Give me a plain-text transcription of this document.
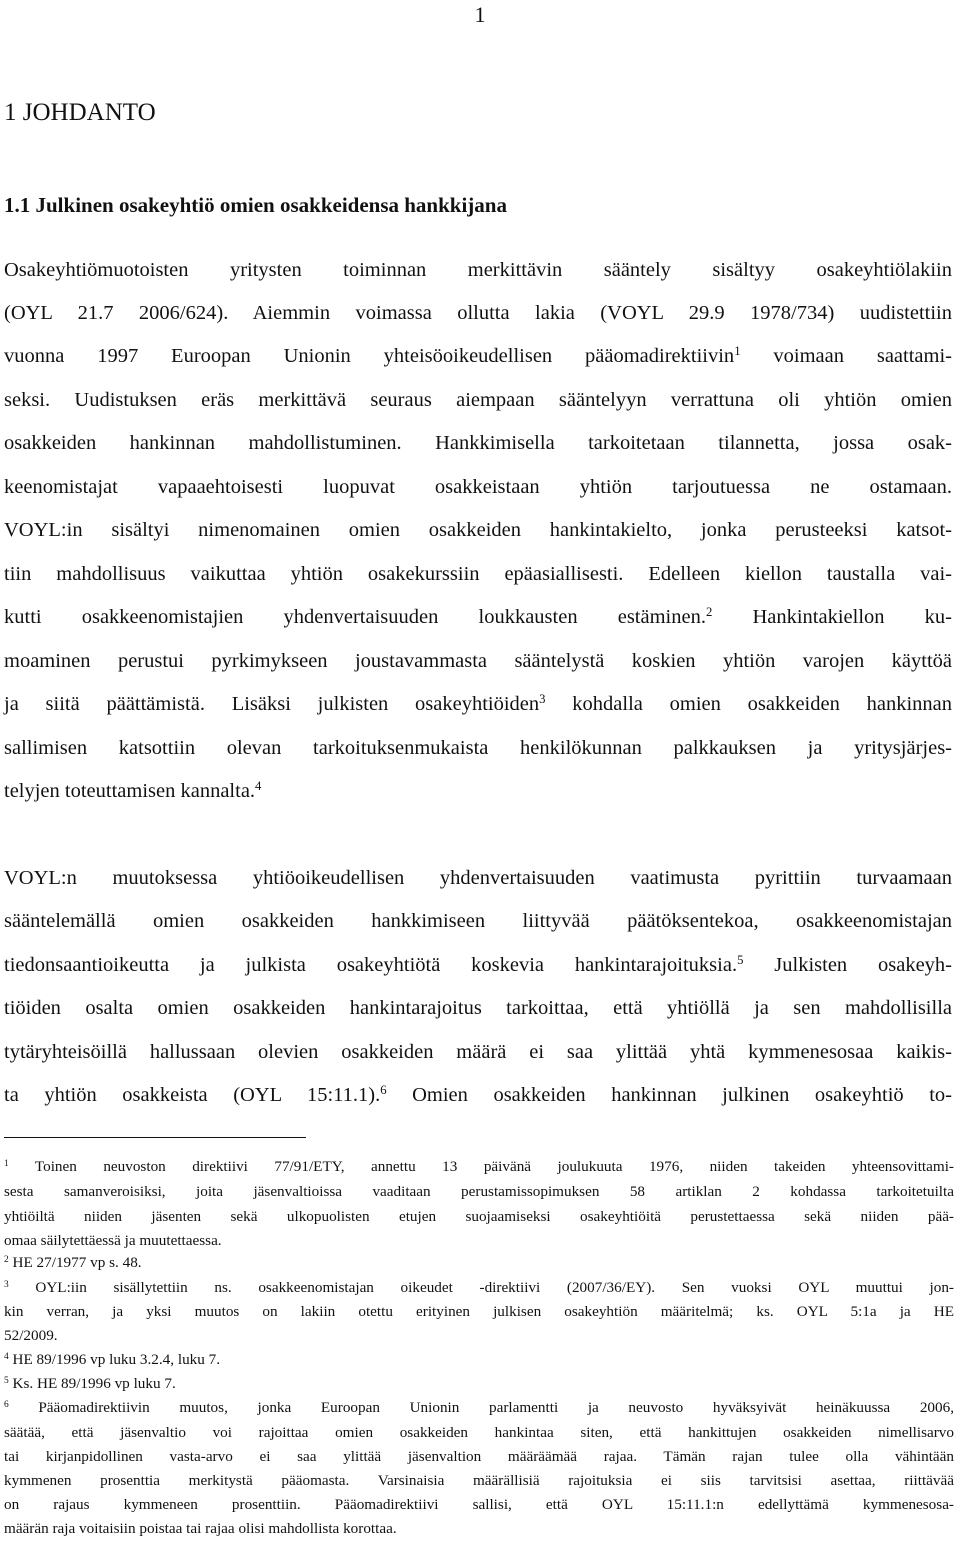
1
1 JOHDANTO
1.1 Julkinen osakeyhtiö omien osakkeidensa hankkijana

Osakeyhtiömuotoisten yritysten toiminnan merkittävin sääntely sisältyy osakeyhtiölakiin

(OYL 21.7 2006/624). Aiemmin voimassa ollutta lakia (VOYL 29.9 1978/734) uudistettiin

vuonna 1997 Euroopan Unionin yhteisöoikeudellisen pääomadirektiivin$^1$ voimaan saattami-

seksi. Uudistuksen eräs merkittävä seuraus aiempaan sääntelyyn verrattuna oli yhtiön omien

osakkeiden hankinnan mahdollistuminen. Hankkimisella tarkoitetaan tilannetta, jossa osak-

keenomistajat vapaaehtoisesti luopuvat osakkeistaan yhtiön tarjoutuessa ne ostamaan.

VOYL:in sisältyi nimenomainen omien osakkeiden hankintakielto, jonka perusteeksi katsot-

tiin mahdollisuus vaikuttaa yhtiön osakekurssiin epäasiallisesti. Edelleen kiellon taustalla vai-

kutti osakkeenomistajien yhdenvertaisuuden loukkausten estäminen.$^2$ Hankintakiellon ku-

moaminen perustui pyrkimykseen joustavammasta sääntelystä koskien yhtiön varojen käyttöä

ja siitä päättämistä. Lisäksi julkisten osakeyhtiöiden$^3$ kohdalla omien osakkeiden hankinnan

sallimisen katsottiin olevan tarkoituksenmukaista henkilökunnan palkkauksen ja yritysjärjes-

telyjen toteuttamisen kannalta.$^4$

VOYL:n muutoksessa yhtiöoikeudellisen yhdenvertaisuuden vaatimusta pyrittiin turvaamaan

sääntelemällä omien osakkeiden hankkimiseen liittyvää päätöksentekoa, osakkeenomistajan

tiedonsaantioikeutta ja julkista osakeyhtiötä koskevia hankintarajoituksia.$^5$ Julkisten osakeyh-

tiöiden osalta omien osakkeiden hankintarajoitus tarkoittaa, että yhtiöllä ja sen mahdollisilla

tytäryhteisöillä hallussaan olevien osakkeiden määrä ei saa ylittää yhtä kymmenesosaa kaikis-

ta yhtiön osakkeista (OYL 15:11.1).$^6$ Omien osakkeiden hankinnan julkinen osakeyhtiö to-

$^1$ Toinen neuvoston direktiivi 77/91/ETY, annettu 13 päivänä joulukuuta 1976, niiden takeiden yhteensovittami-

sesta samanveroisiksi, joita jäsenvaltioissa vaaditaan perustamissopimuksen 58 artiklan 2 kohdassa tarkoitetuilta

yhtiöiltä niiden jäsenten sekä ulkopuolisten etujen suojaamiseksi osakeyhtiöitä perustettaessa sekä niiden pää-

omaa säilytettäessä ja muutettaessa.

$^2$ HE 27/1977 vp s. 48.

$^3$ OYL:iin sisällytettiin ns. osakkeenomistajan oikeudet -direktiivi (2007/36/EY). Sen vuoksi OYL muuttui jon-

kin verran, ja yksi muutos on lakiin otettu erityinen julkisen osakeyhtiön määritelmä; ks. OYL 5:1a ja HE

52/2009.

$^4$ HE 89/1996 vp luku 3.2.4, luku 7.

$^5$ Ks. HE 89/1996 vp luku 7.

$^6$ Pääomadirektiivin muutos, jonka Euroopan Unionin parlamentti ja neuvosto hyväksyivät heinäkuussa 2006,

säätää, että jäsenvaltio voi rajoittaa omien osakkeiden hankintaa siten, että hankittujen osakkeiden nimellisarvo

tai kirjanpidollinen vasta-arvo ei saa ylittää jäsenvaltion määräämää rajaa. Tämän rajan tulee olla vähintään

kymmenen prosenttia merkitystä pääomasta. Varsinaisia määrällisiä rajoituksia ei siis tarvitsisi asettaa, riittävää

on rajaus kymmeneen prosenttiin. Pääomadirektiivi sallisi, että OYL 15:11.1:n edellyttämä kymmenesosa-

määrän raja voitaisiin poistaa tai rajaa olisi mahdollista korottaa.
